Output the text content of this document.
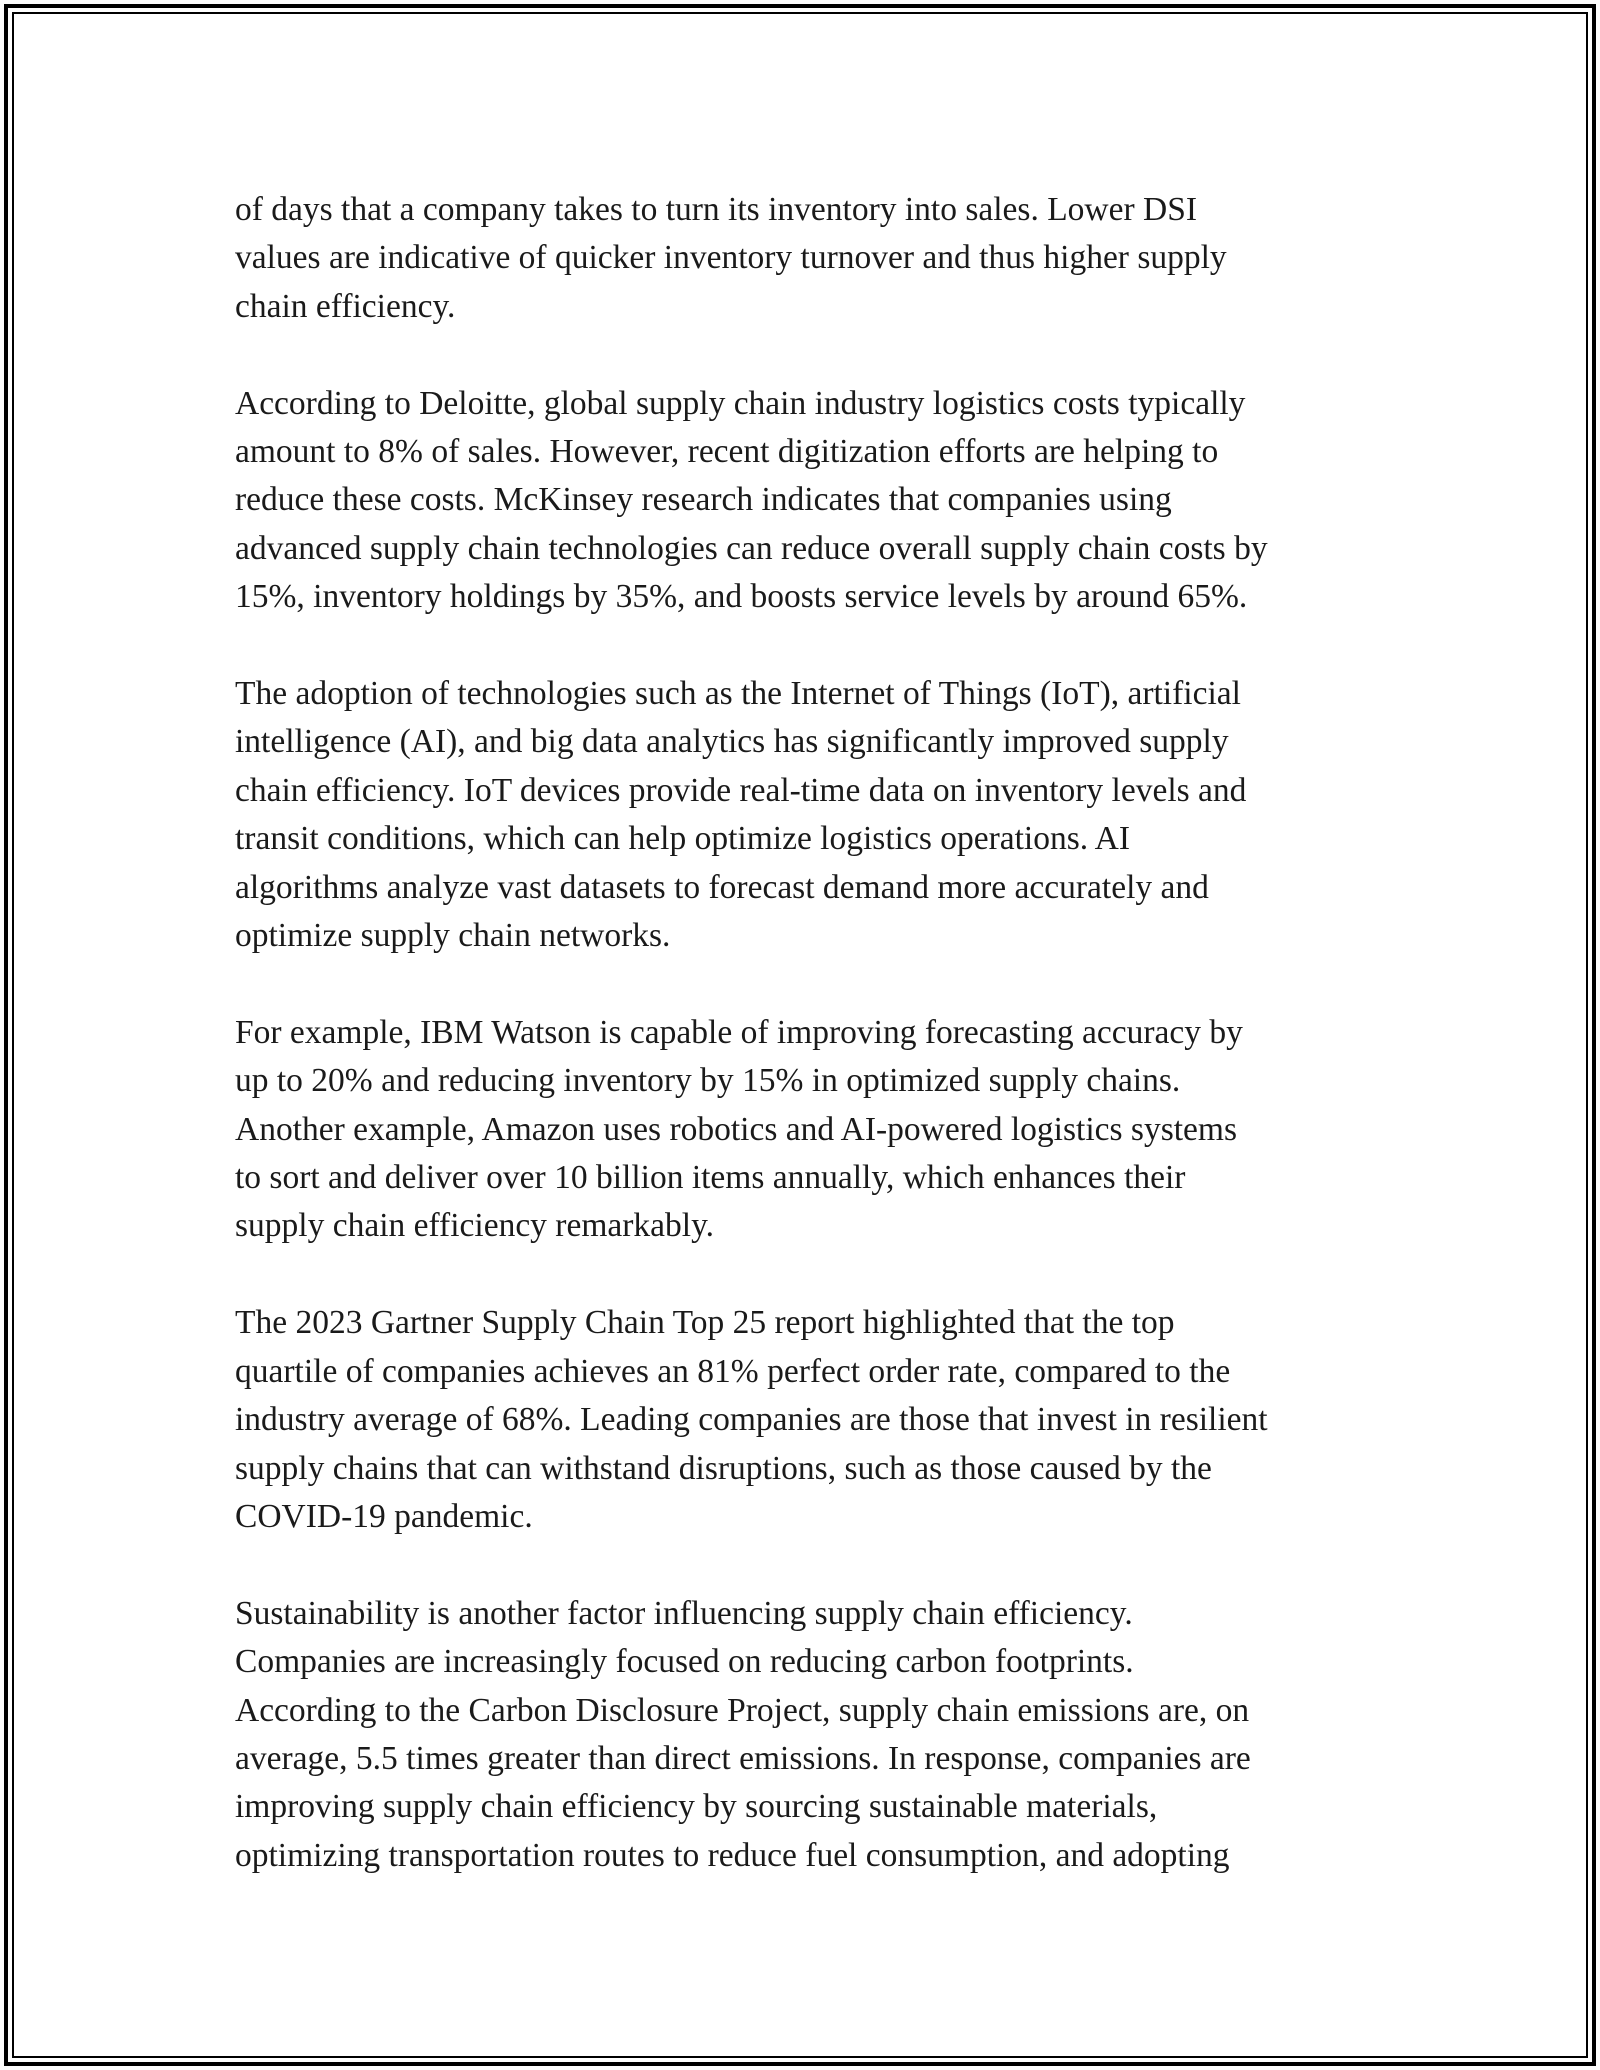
of days that a company takes to turn its inventory into sales. Lower DSI
values are indicative of quicker inventory turnover and thus higher supply
chain efficiency.

According to Deloitte, global supply chain industry logistics costs typically
amount to 8% of sales. However, recent digitization efforts are helping to
reduce these costs. McKinsey research indicates that companies using
advanced supply chain technologies can reduce overall supply chain costs by
15%, inventory holdings by 35%, and boosts service levels by around 65%.

The adoption of technologies such as the Internet of Things (IoT), artificial
intelligence (AI), and big data analytics has significantly improved supply
chain efficiency. IoT devices provide real-time data on inventory levels and
transit conditions, which can help optimize logistics operations. AI
algorithms analyze vast datasets to forecast demand more accurately and
optimize supply chain networks.

For example, IBM Watson is capable of improving forecasting accuracy by
up to 20% and reducing inventory by 15% in optimized supply chains.
Another example, Amazon uses robotics and AI-powered logistics systems
to sort and deliver over 10 billion items annually, which enhances their
supply chain efficiency remarkably.

The 2023 Gartner Supply Chain Top 25 report highlighted that the top
quartile of companies achieves an 81% perfect order rate, compared to the
industry average of 68%. Leading companies are those that invest in resilient
supply chains that can withstand disruptions, such as those caused by the
COVID-19 pandemic.

Sustainability is another factor influencing supply chain efficiency.
Companies are increasingly focused on reducing carbon footprints.
According to the Carbon Disclosure Project, supply chain emissions are, on
average, 5.5 times greater than direct emissions. In response, companies are
improving supply chain efficiency by sourcing sustainable materials,
optimizing transportation routes to reduce fuel consumption, and adopting
